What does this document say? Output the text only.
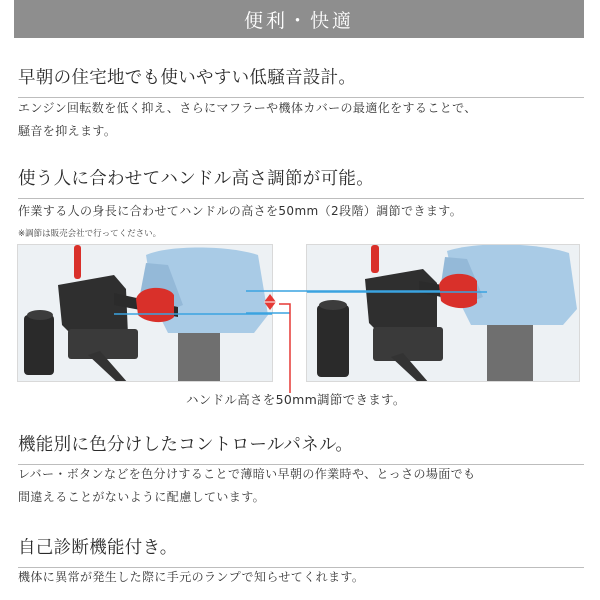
便利・快適
早朝の住宅地でも使いやすい低騒音設計。
エンジン回転数を低く抑え、さらにマフラーや機体カバーの最適化をすることで、
騒音を抑えます。
使う人に合わせてハンドル高さ調節が可能。
作業する人の身長に合わせてハンドルの高さを50mm（2段階）調節できます。
※調節は販売会社で行ってください。
ハンドル高さを50mm調節できます。
機能別に色分けしたコントロールパネル。
レバー・ボタンなどを色分けすることで薄暗い早朝の作業時や、とっさの場面でも
間違えることがないように配慮しています。
自己診断機能付き。
機体に異常が発生した際に手元のランプで知らせてくれます。
